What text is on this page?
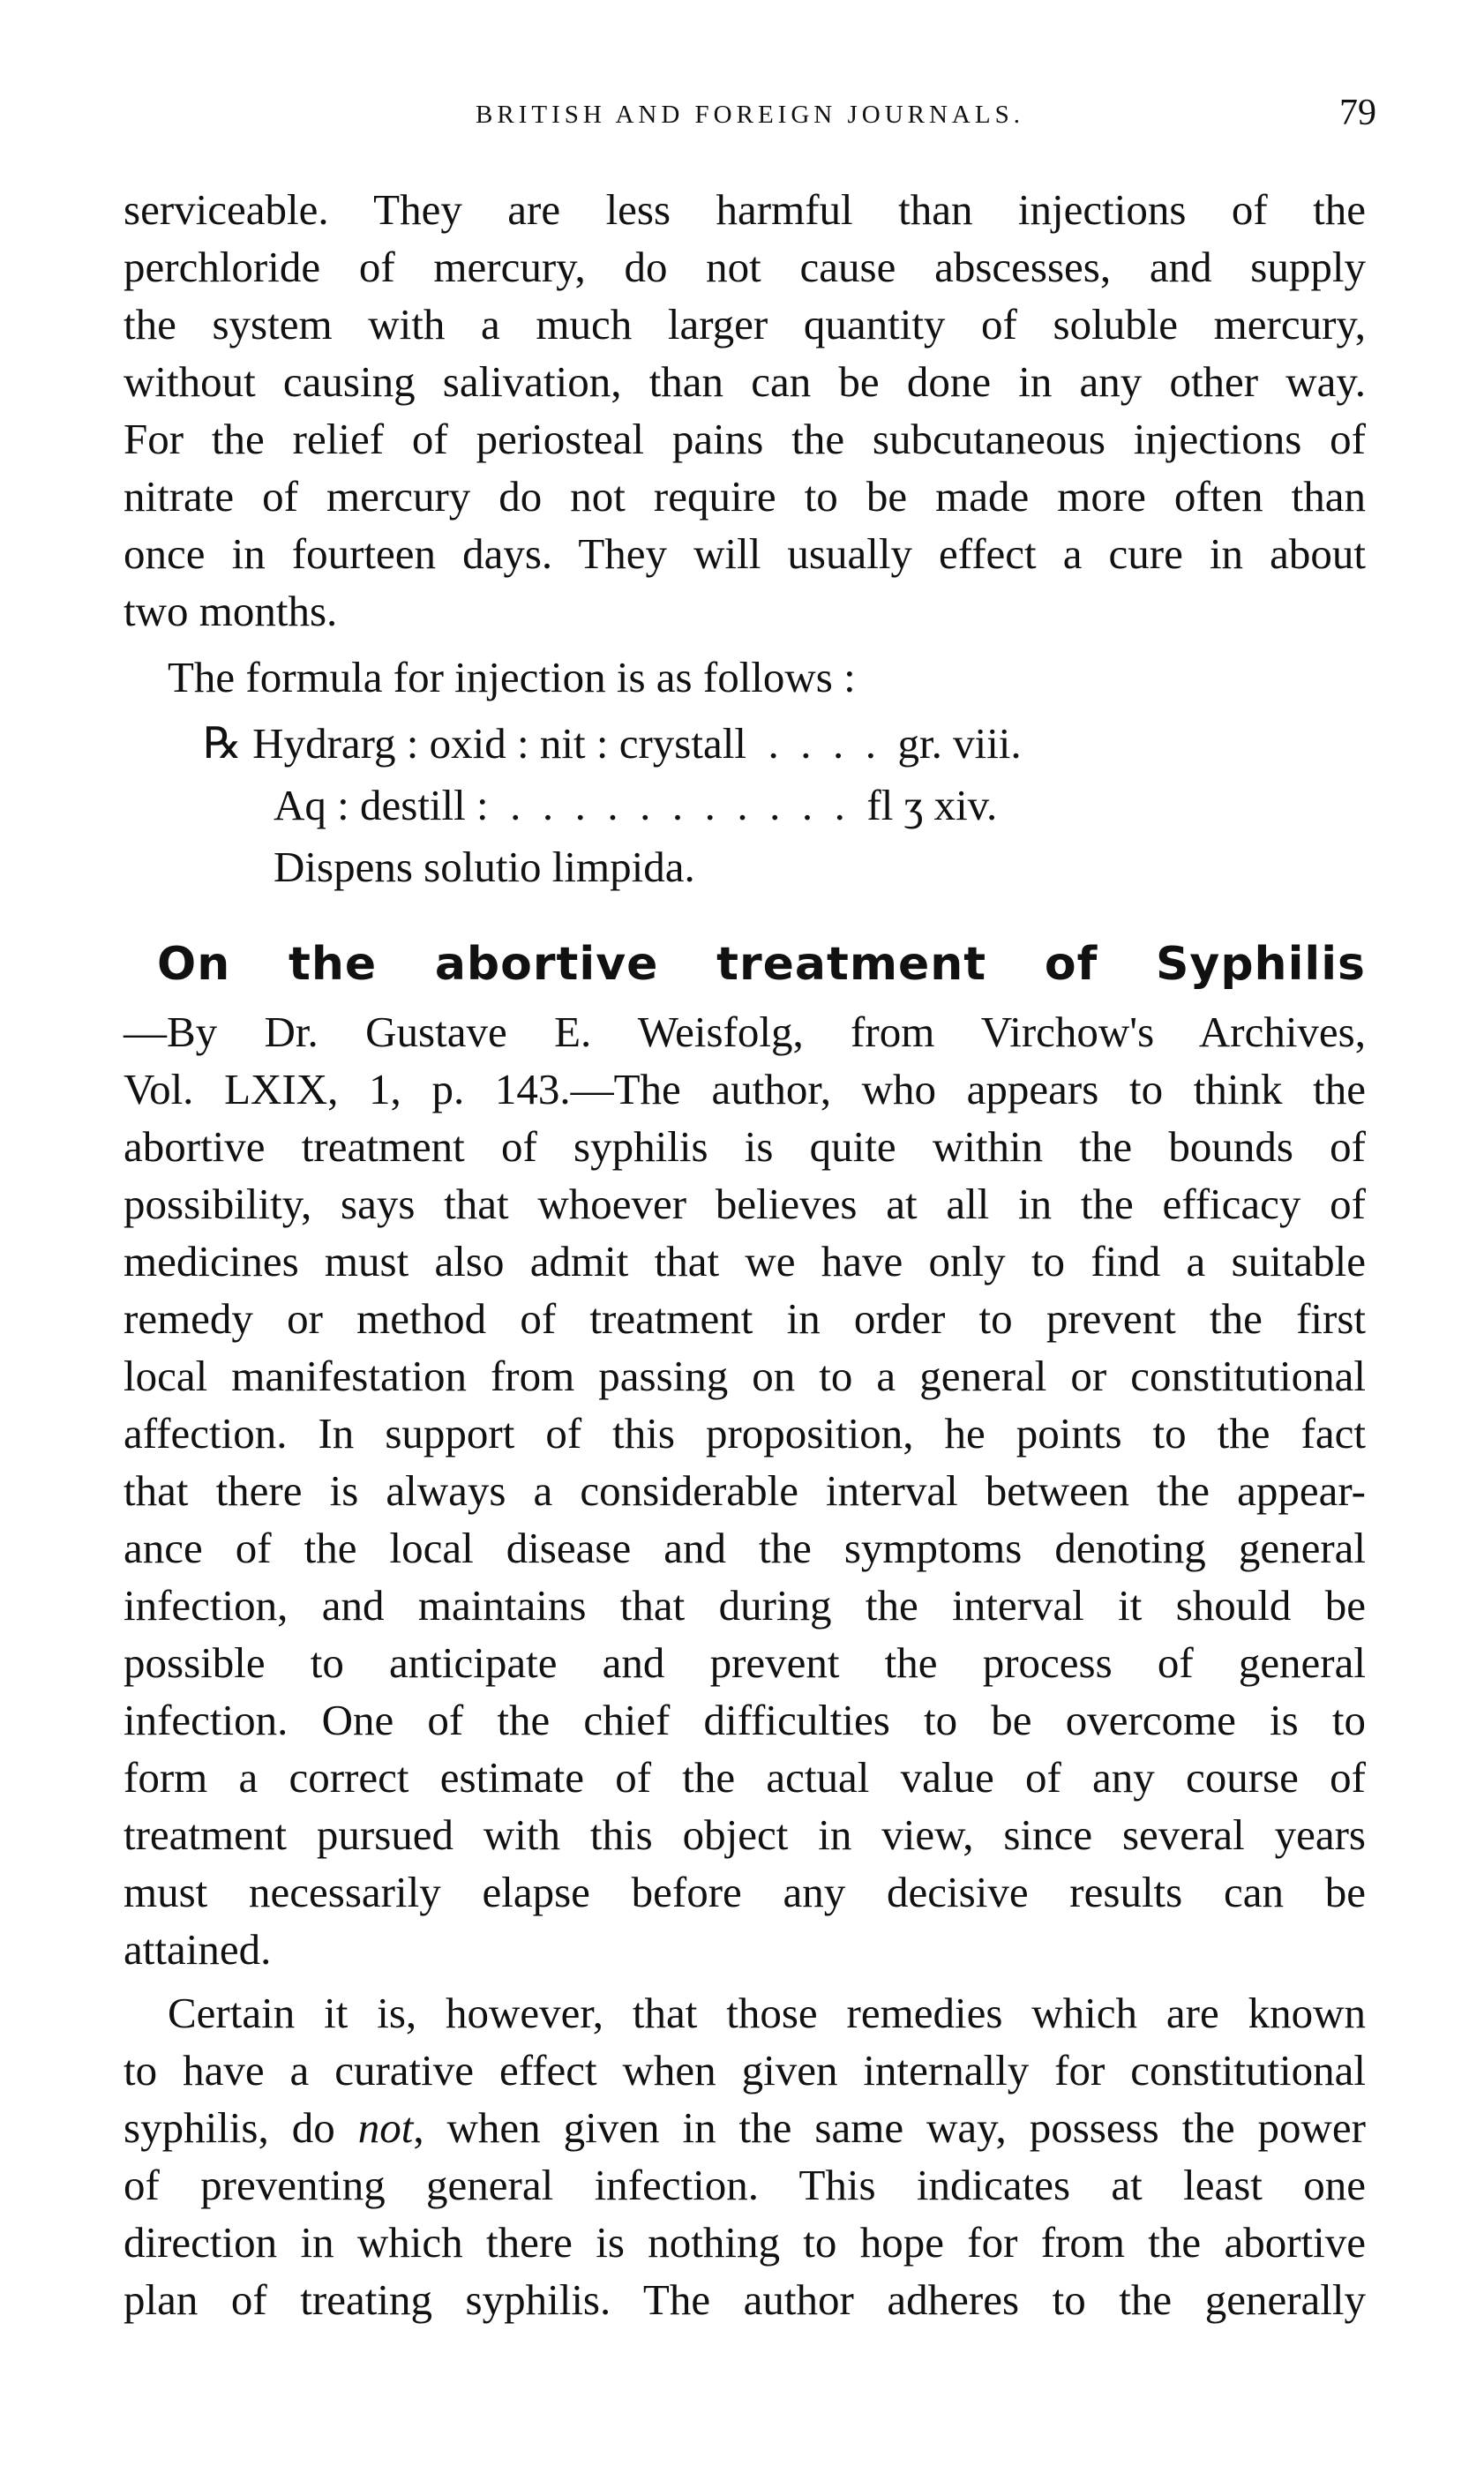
BRITISH AND FOREIGN JOURNALS.	79
serviceable. They are less harmful than injections of the
perchloride of mercury, do not cause abscesses, and supply
the system with a much larger quantity of soluble mercury,
without causing salivation, than can be done in any other way.
For the relief of periosteal pains the subcutaneous injections of
nitrate of mercury do not require to be made more often than
once in fourteen days. They will usually effect a cure in about
two months.
The formula for injection is as follows :
℞ Hydrarg : oxid : nit : crystall  .  .  .  .  gr. viii.
Aq : destill :  .  .  .  .  .  .  .  .  .  .  .  fl ʒ xiv.
Dispens solutio limpida.
On the abortive treatment of Syphilis
—By Dr. Gustave E. Weisfolg, from Virchow's Archives,
Vol. LXIX, 1, p. 143.—The author, who appears to think the
abortive treatment of syphilis is quite within the bounds of
possibility, says that whoever believes at all in the efficacy of
medicines must also admit that we have only to find a suitable
remedy or method of treatment in order to prevent the first
local manifestation from passing on to a general or constitutional
affection. In support of this proposition, he points to the fact
that there is always a considerable interval between the appear-
ance of the local disease and the symptoms denoting general
infection, and maintains that during the interval it should be
possible to anticipate and prevent the process of general
infection. One of the chief difficulties to be overcome is to
form a correct estimate of the actual value of any course of
treatment pursued with this object in view, since several years
must necessarily elapse before any decisive results can be
attained.
Certain it is, however, that those remedies which are known
to have a curative effect when given internally for constitutional
syphilis, do not, when given in the same way, possess the power
of preventing general infection. This indicates at least one
direction in which there is nothing to hope for from the abortive
plan of treating syphilis. The author adheres to the generally
